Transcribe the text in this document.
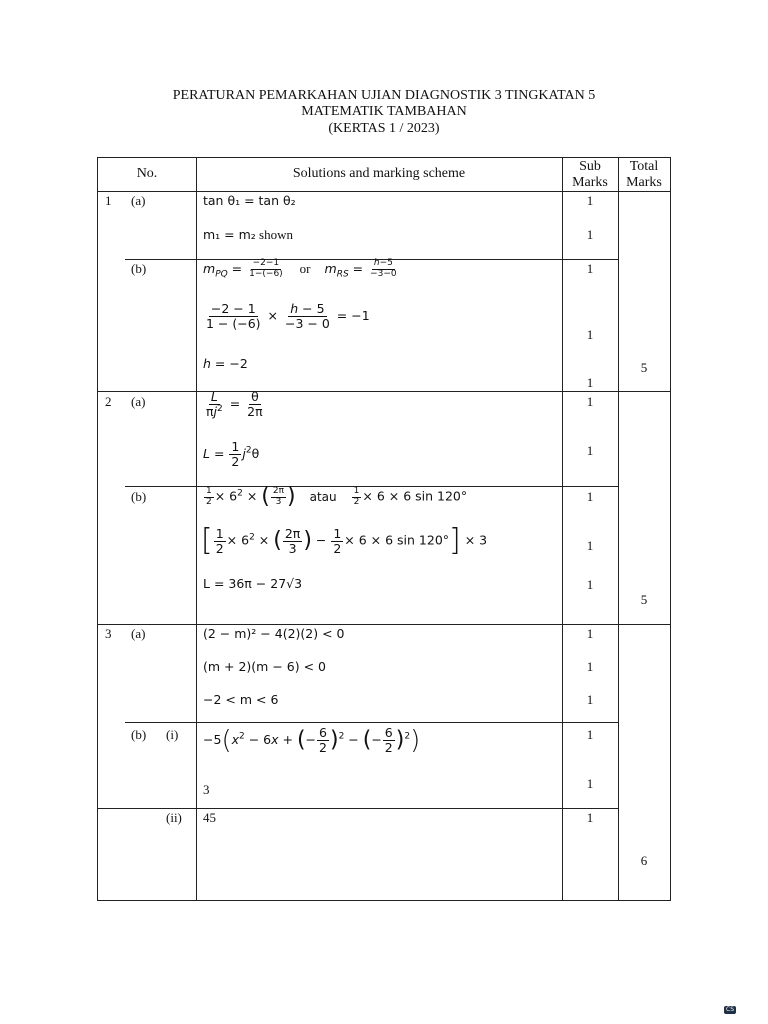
PERATURAN PEMARKAHAN UJIAN DIAGNOSTIK 3 TINGKATAN 5
MATEMATIK TAMBAHAN
(KERTAS 1 / 2023)
No.	Solutions and marking scheme	Sub
Marks
Total
Marks
1 (a)
(b)
2 (a)
(b)
3 (a)
(b) (i)
(ii)
tan θ₁ = tan θ₂
m₁ = m₂ shown
$m_{PQ} = \frac{-2-1}{1-(-6)}$ or $m_{RS} = \frac{h-5}{-3-0}$
$\frac{-2 - 1}{1 - (-6)} \times \frac{h - 5}{-3 - 0} = -1$
h = −2
$\frac{L}{\pi j^2} = \frac{\theta}{2\pi}$
$L = \frac{1}{2} j^2\theta$
$\frac{1}{2} \times 6^2$ × ( $\frac{2\pi}{3}$ ) atau $\frac{1}{2} \times 6 \times 6$ sin 120°
[ $\frac{1}{2} \times 6^2$ × ( $\frac{2\pi}{3}$ ) − $\frac{1}{2} \times 6 \times 6$ sin 120°] × 3
L = 36π − 27√3
(2 − m)² − 4(2)(2) < 0
(m + 2)(m − 6) < 0
−2 < m < 6
$-5(x^2 - 6x$ + (− $\frac{6}{2} )^2$ − (− $\frac{6}{2} )^2$)
3
45
1
1
1
1
1
1
1
1
1
1
1
1
1
1
1
1
5
5
6
CS
